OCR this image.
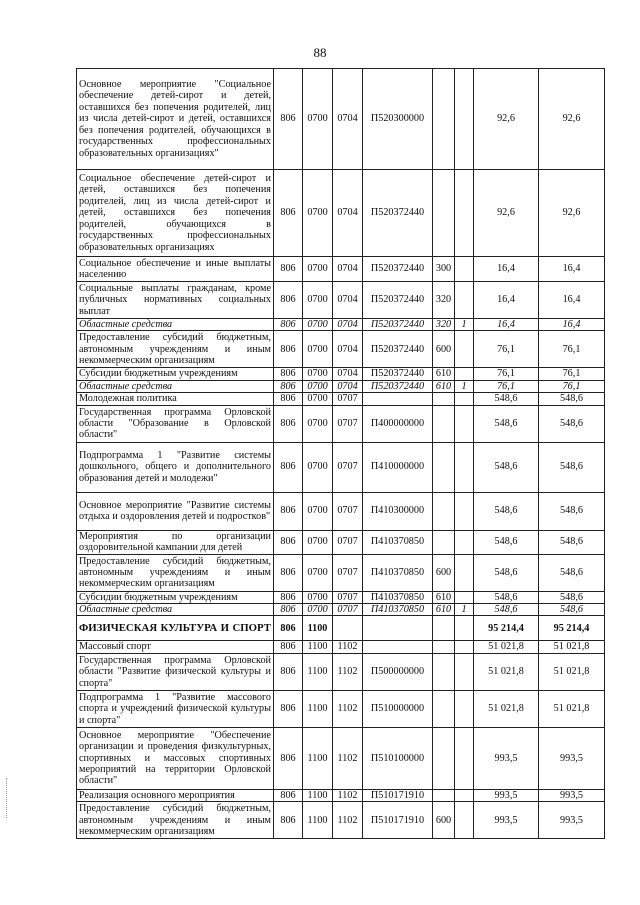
88
Основное мероприятие "Социальное обеспечение детей-сирот и детей, оставшихся без попечения родителей, лиц из числа детей-сирот и детей, оставшихся без попечения родителей, обучающихся в государственных профессиональных образовательных организациях"	806	0700	0704	П520300000			92,6	92,6
Социальное обеспечение детей-сирот и детей, оставшихся без попечения родителей, лиц из числа детей-сирот и детей, оставшихся без попечения родителей, обучающихся в государственных профессиональных образовательных организациях	806	0700	0704	П520372440			92,6	92,6
Социальное обеспечение и иные выплаты населению	806	0700	0704	П520372440	300		16,4	16,4
Социальные выплаты гражданам, кроме публичных нормативных социальных выплат	806	0700	0704	П520372440	320		16,4	16,4
Областные средства	806	0700	0704	П520372440	320	1	16,4	16,4
Предоставление субсидий бюджетным, автономным учреждениям и иным некоммерческим организациям	806	0700	0704	П520372440	600		76,1	76,1
Субсидии бюджетным учреждениям	806	0700	0704	П520372440	610		76,1	76,1
Областные средства	806	0700	0704	П520372440	610	1	76,1	76,1
Молодежная политика	806	0700	0707				548,6	548,6
Государственная программа Орловской области "Образование в Орловской области"	806	0700	0707	П400000000			548,6	548,6
Подпрограмма 1 "Развитие системы дошкольного, общего и дополнительного образования детей и молодежи"	806	0700	0707	П410000000			548,6	548,6
Основное мероприятие "Развитие системы отдыха и оздоровления детей и подростков"	806	0700	0707	П410300000			548,6	548,6
Мероприятия по организации оздоровительной кампании для детей	806	0700	0707	П410370850			548,6	548,6
Предоставление субсидий бюджетным, автономным учреждениям и иным некоммерческим организациям	806	0700	0707	П410370850	600		548,6	548,6
Субсидии бюджетным учреждениям	806	0700	0707	П410370850	610		548,6	548,6
Областные средства	806	0700	0707	П410370850	610	1	548,6	548,6
ФИЗИЧЕСКАЯ КУЛЬТУРА И СПОРТ	806	1100					95 214,4	95 214,4
Массовый спорт	806	1100	1102				51 021,8	51 021,8
Государственная программа Орловской области "Развитие физической культуры и спорта"	806	1100	1102	П500000000			51 021,8	51 021,8
Подпрограмма 1 "Развитие массового спорта и учреждений физической культуры и спорта"	806	1100	1102	П510000000			51 021,8	51 021,8
Основное мероприятие "Обеспечение организации и проведения физкультурных, спортивных и массовых спортивных мероприятий на территории Орловской области"	806	1100	1102	П510100000			993,5	993,5
Реализация основного мероприятия	806	1100	1102	П510171910			993,5	993,5
Предоставление субсидий бюджетным, автономным учреждениям и иным некоммерческим организациям	806	1100	1102	П510171910	600		993,5	993,5
